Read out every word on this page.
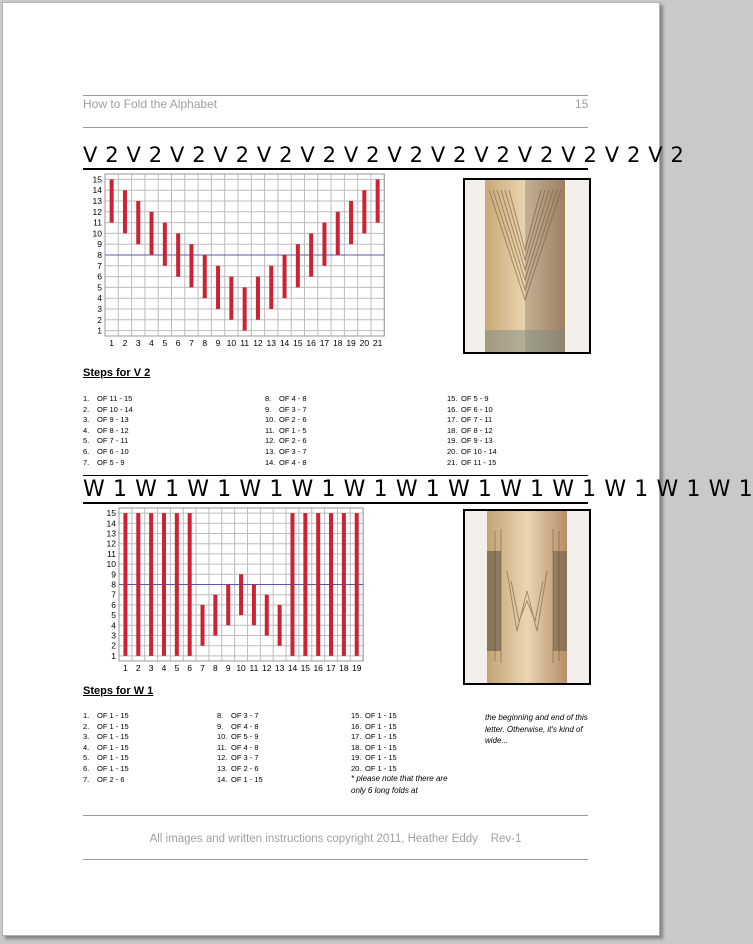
How to Fold the Alphabet	15
V 2 V 2 V 2 V 2 V 2 V 2 V 2 V 2 V 2 V 2 V 2 V 2 V 2 V 2
1
2
3
4
5
6
7
8
9
10
11
12
13
14
15
1 2 3 4 5 6 7 8 9 10 11 12 13 14 15 16 17 18 19 20 21
Steps for V 2
1. OF 11 - 15
2. OF 10 - 14
3. OF 9 - 13
4. OF 8 - 12
5. OF 7 - 11
6. OF 6 - 10
7. OF 5 - 9
8. OF 4 - 8
9. OF 3 - 7
10. OF 2 - 6
11. OF 1 - 5
12. OF 2 - 6
13. OF 3 - 7
14. OF 4 - 8
15. OF 5 - 9
16. OF 6 - 10
17. OF 7 - 11
18. OF 8 - 12
19. OF 9 - 13
20. OF 10 - 14
21. OF 11 - 15
W 1 W 1 W 1 W 1 W 1 W 1 W 1 W 1 W 1 W 1 W 1 W 1 W 1
1
2
3
4
5
6
7
8
9
10
11
12
13
14
15
1 2 3 4 5 6 7 8 9 10 11 12 13 14 15 16 17 18 19
Steps for W 1
1. OF 1 - 15
2. OF 1 - 15
3. OF 1 - 15
4. OF 1 - 15
5. OF 1 - 15
6. OF 1 - 15
7. OF 2 - 6
8. OF 3 - 7
9. OF 4 - 8
10. OF 5 - 9
11. OF 4 - 8
12. OF 3 - 7
13. OF 2 - 6
14. OF 1 - 15
15. OF 1 - 15
16. OF 1 - 15
17. OF 1 - 15
18. OF 1 - 15
19. OF 1 - 15
20. OF 1 - 15
* please note that there are only 6 long folds at
the beginning and end of this letter. Otherwise, it's kind of wide...
All images and written instructions copyright 2011, Heather Eddy Rev-1
